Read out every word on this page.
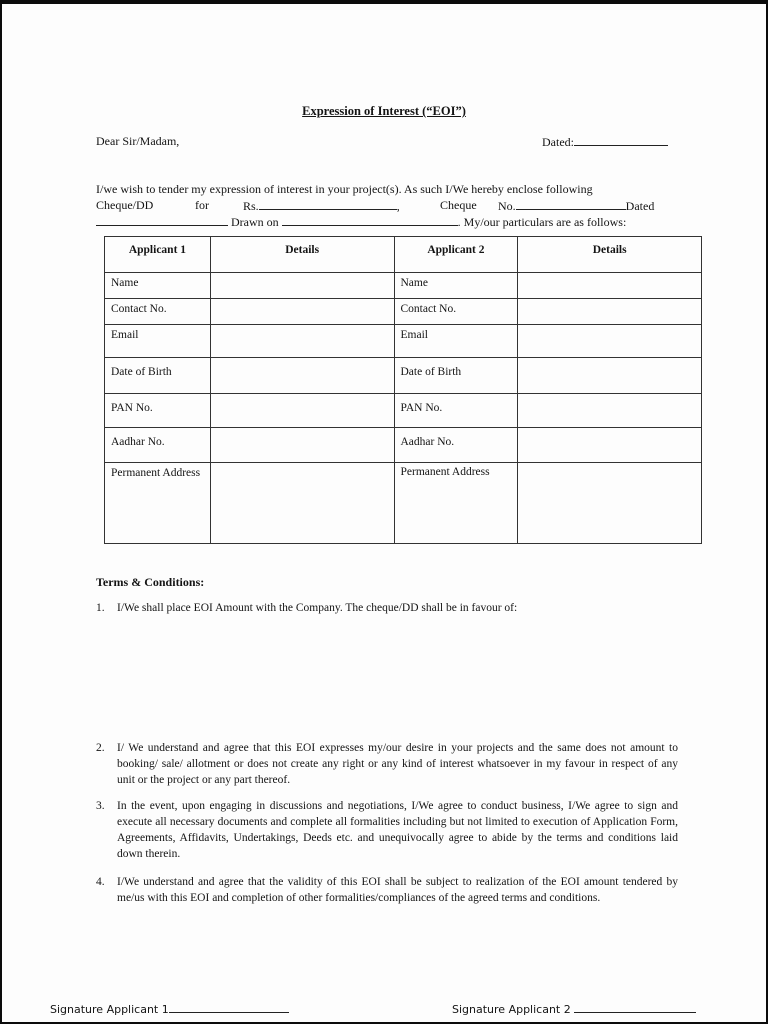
Expression of Interest (“EOI”)
Dear Sir/Madam,	Dated:
I/we wish to tender my expression of interest in your project(s). As such I/We hereby enclose following
Cheque/DD	for	Rs.	,	Cheque No.	Dated
Drawn on	. My/our particulars are as follows:
Applicant 1	Details	Applicant 2	Details
Name		Name	
Contact No.		Contact No.	
Email		Email	
Date of Birth		Date of Birth	
PAN No.		PAN No.	
Aadhar No.		Aadhar No.	
Permanent Address		Permanent Address	
Terms & Conditions:
1. I/We shall place EOI Amount with the Company. The cheque/DD shall be in favour of:
2. I/ We understand and agree that this EOI expresses my/our desire in your projects and the same does not amount to booking/ sale/ allotment or does not create any right or any kind of interest whatsoever in my favour in respect of any unit or the project or any part thereof.
3. In the event, upon engaging in discussions and negotiations, I/We agree to conduct business, I/We agree to sign and execute all necessary documents and complete all formalities including but not limited to execution of Application Form, Agreements, Affidavits, Undertakings, Deeds etc. and unequivocally agree to abide by the terms and conditions laid down therein.
4. I/We understand and agree that the validity of this EOI shall be subject to realization of the EOI amount tendered by me/us with this EOI and completion of other formalities/compliances of the agreed terms and conditions.
Signature Applicant 1	Signature Applicant 2
